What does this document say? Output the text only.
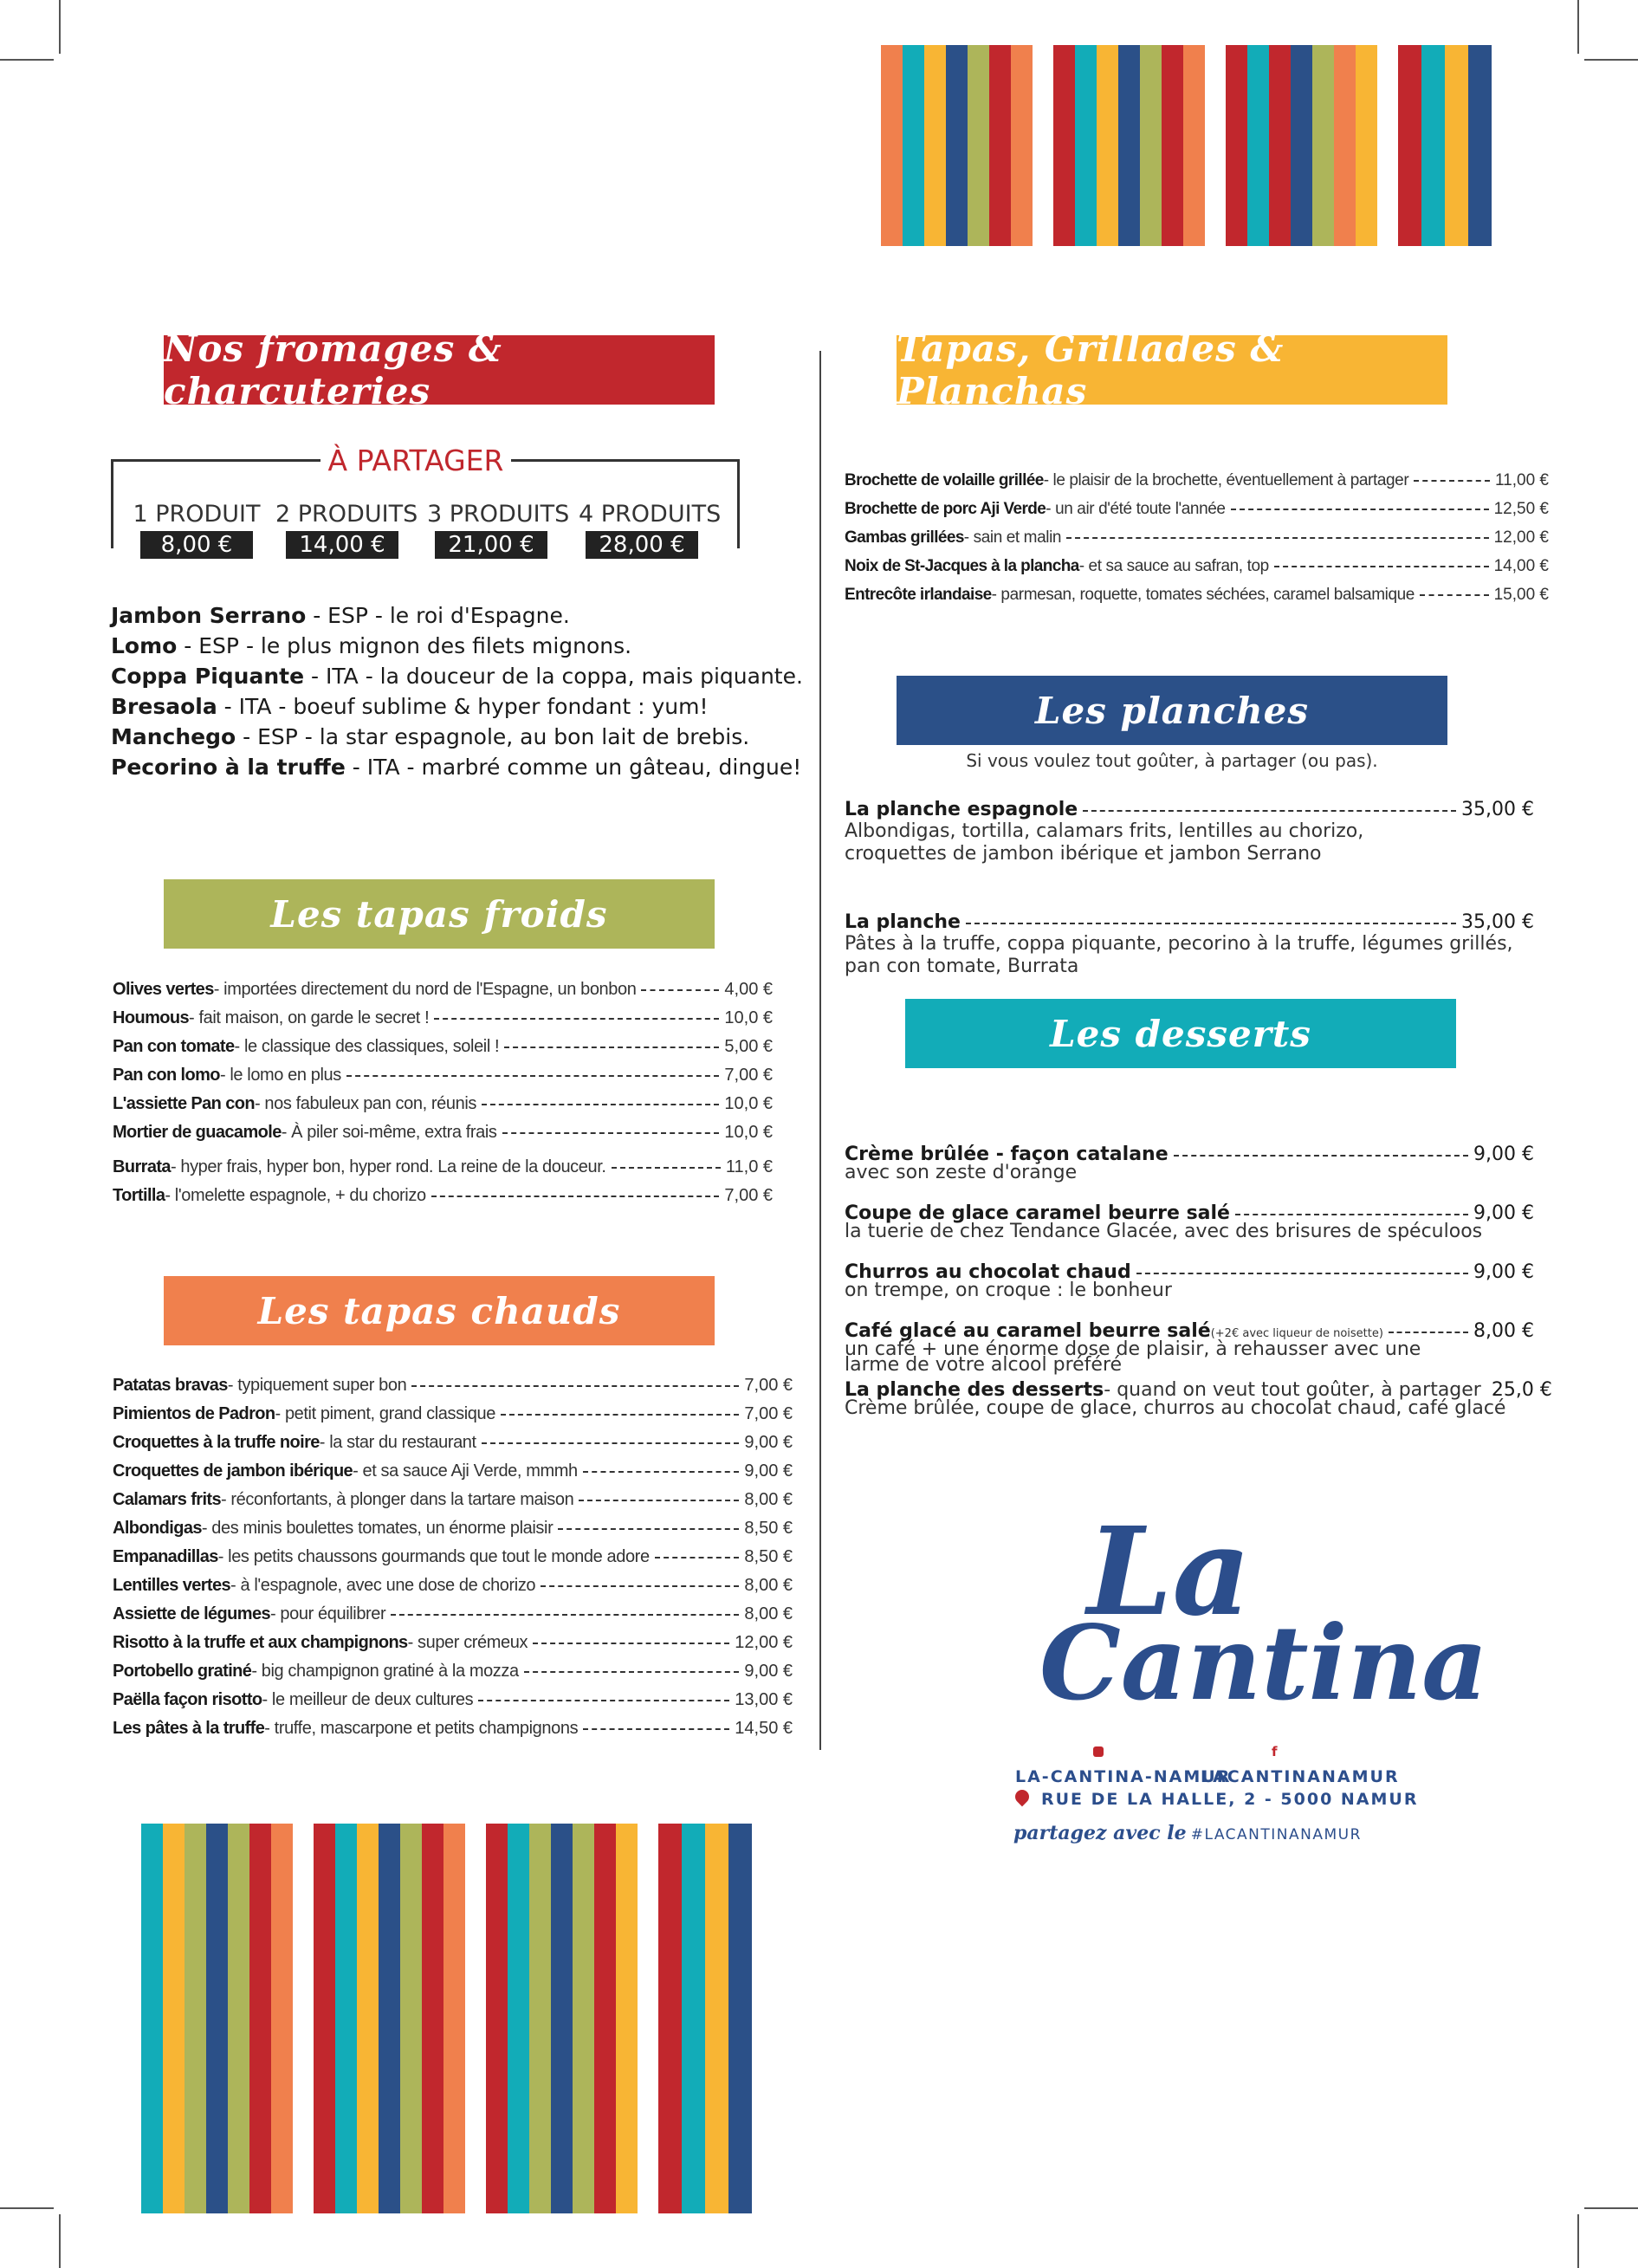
Nos fromages & charcuteries
À PARTAGER
1 PRODUIT 2 PRODUITS 3 PRODUITS 4 PRODUITS
8,00 €	14,00 €	21,00 €	28,00 €
Jambon Serrano - ESP - le roi d'Espagne.
Lomo - ESP - le plus mignon des filets mignons.
Coppa Piquante - ITA - la douceur de la coppa, mais piquante.
Bresaola - ITA - boeuf sublime & hyper fondant : yum!
Manchego - ESP - la star espagnole, au bon lait de brebis.
Pecorino à la truffe - ITA - marbré comme un gâteau, dingue!
Les tapas froids
Olives vertes - importées directement du nord de l'Espagne, un bonbon	4,00 €
Houmous - fait maison, on garde le secret !	10,0 €
Pan con tomate - le classique des classiques, soleil !	5,00 €
Pan con lomo - le lomo en plus	7,00 €
L'assiette Pan con - nos fabuleux pan con, réunis	10,0 €
Mortier de guacamole - À piler soi-même, extra frais	10,0 €
Burrata - hyper frais, hyper bon, hyper rond. La reine de la douceur.	11,0 €
Tortilla - l'omelette espagnole, + du chorizo	7,00 €
Les tapas chauds
Patatas bravas - typiquement super bon	7,00 €
Pimientos de Padron - petit piment, grand classique	7,00 €
Croquettes à la truffe noire - la star du restaurant	9,00 €
Croquettes de jambon ibérique - et sa sauce Aji Verde, mmmh	9,00 €
Calamars frits - réconfortants, à plonger dans la tartare maison	8,00 €
Albondigas - des minis boulettes tomates, un énorme plaisir	8,50 €
Empanadillas - les petits chaussons gourmands que tout le monde adore	8,50 €
Lentilles vertes - à l'espagnole, avec une dose de chorizo	8,00 €
Assiette de légumes - pour équilibrer	8,00 €
Risotto à la truffe et aux champignons - super crémeux	12,00 €
Portobello gratiné - big champignon gratiné à la mozza	9,00 €
Paëlla façon risotto - le meilleur de deux cultures	13,00 €
Les pâtes à la truffe - truffe, mascarpone et petits champignons	14,50 €
Tapas, Grillades & Planchas
Brochette de volaille grillée - le plaisir de la brochette, éventuellement à partager	11,00 €
Brochette de porc Aji Verde - un air d'été toute l'année	12,50 €
Gambas grillées - sain et malin	12,00 €
Noix de St-Jacques à la plancha - et sa sauce au safran, top	14,00 €
Entrecôte irlandaise - parmesan, roquette, tomates séchées, caramel balsamique	15,00 €
Les planches
Si vous voulez tout goûter, à partager (ou pas).
La planche espagnole	35,00 €
Albondigas, tortilla, calamars frits, lentilles au chorizo,
croquettes de jambon ibérique et jambon Serrano
La planche	35,00 €
Pâtes à la truffe, coppa piquante, pecorino à la truffe, légumes grillés,
pan con tomate, Burrata
Les desserts
Crème brûlée - façon catalane	9,00 €
avec son zeste d'orange
Coupe de glace caramel beurre salé	9,00 €
la tuerie de chez Tendance Glacée, avec des brisures de spéculoos
Churros au chocolat chaud	9,00 €
on trempe, on croque : le bonheur
Café glacé au caramel beurre salé (+2€ avec liqueur de noisette)	8,00 €
un café + une énorme dose de plaisir, à rehausser avec une
larme de votre alcool préféré
La planche des desserts - quand on veut tout goûter, à partager 25,0 €
Crème brûlée, coupe de glace, churros au chocolat chaud, café glacé
La
Cantina
f
LA-CANTINA-NAMUR
LACANTINANAMUR
RUE DE LA HALLE, 2 - 5000 NAMUR
partagez avec le #LACANTINANAMUR
